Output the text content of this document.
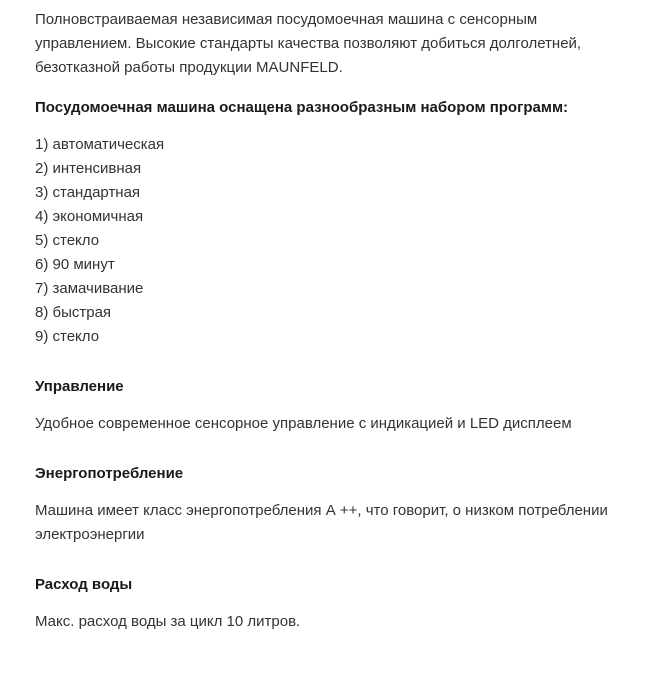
Полновстраиваемая независимая посудомоечная машина с сенсорным управлением. Высокие стандарты качества позволяют добиться долголетней, безотказной работы продукции MAUNFELD.

Посудомоечная машина оснащена разнообразным набором программ:
1) автоматическая
2) интенсивная
3) стандартная
4) экономичная
5) стекло
6) 90 минут
7) замачивание
8) быстрая
9) стекло
Управление

Удобное современное сенсорное управление с индикацией и LED дисплеем

Энергопотребление

Машина имеет класс энергопотребления А ++, что говорит, о низком потреблении электроэнергии

Расход воды

Макс. расход воды за цикл 10 литров.
